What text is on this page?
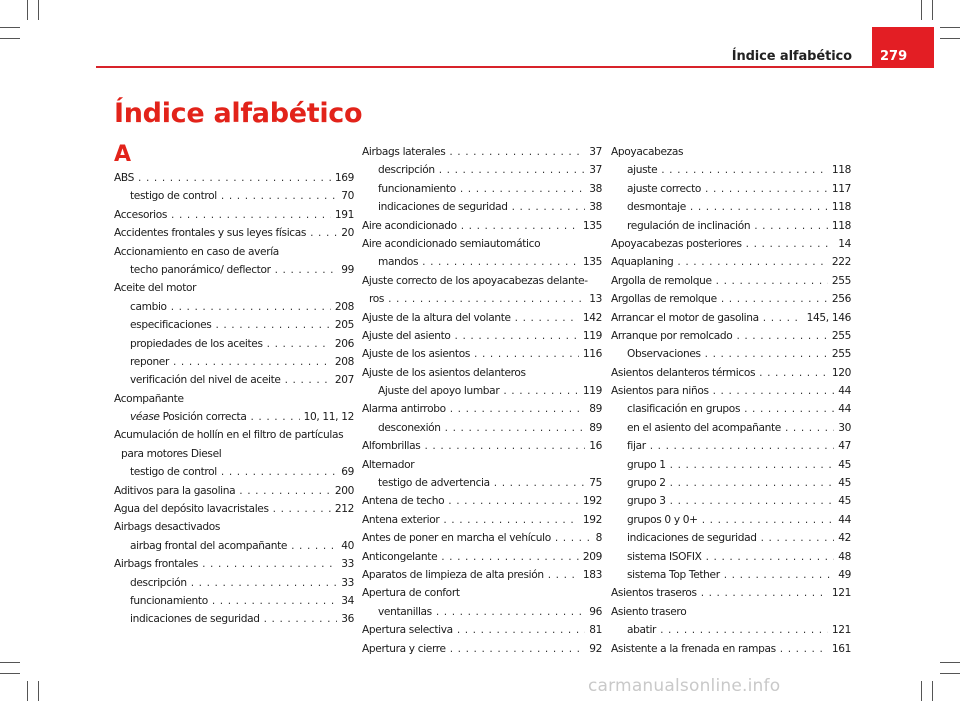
Índice alfabético 279
Índice alfabético
A
ABS . . .	169
testigo de control . . .	70
Accesorios . . .	191
Accidentes frontales y sus leyes físicas . . .	20
Accionamiento en caso de avería
techo panorámico/ deflector . . .	99
Aceite del motor
cambio . . .	208
especificaciones . . .	205
propiedades de los aceites . . .	206
reponer . . .	208
verificación del nivel de aceite . . .	207
Acompañante
véase Posición correcta . . .	10, 11, 12
Acumulación de hollín en el filtro de partículas
para motores Diesel
testigo de control . . .	69
Aditivos para la gasolina . . .	200
Agua del depósito lavacristales . . .	212
Airbags desactivados
airbag frontal del acompañante . . .	40
Airbags frontales . . .	33
descripción . . .	33
funcionamiento . . .	34
indicaciones de seguridad . . .	36
Airbags laterales . . .	37
descripción . . .	37
funcionamiento . . .	38
indicaciones de seguridad . . .	38
Aire acondicionado . . .	135
Aire acondicionado semiautomático
mandos . . .	135
Ajuste correcto de los apoyacabezas delante-
ros . . .	13
Ajuste de la altura del volante . . .	142
Ajuste del asiento . . .	119
Ajuste de los asientos . . .	116
Ajuste de los asientos delanteros
Ajuste del apoyo lumbar . . .	119
Alarma antirrobo . . .	89
desconexión . . .	89
Alfombrillas . . .	16
Alternador
testigo de advertencia . . .	75
Antena de techo . . .	192
Antena exterior . . .	192
Antes de poner en marcha el vehículo . . .	8
Anticongelante . . .	209
Aparatos de limpieza de alta presión . . .	183
Apertura de confort
ventanillas . . .	96
Apertura selectiva . . .	81
Apertura y cierre . . .	92
Apoyacabezas
ajuste . . .	118
ajuste correcto . . .	117
desmontaje . . .	118
regulación de inclinación . . .	118
Apoyacabezas posteriores . . .	14
Aquaplaning . . .	222
Argolla de remolque . . .	255
Argollas de remolque . . .	256
Arrancar el motor de gasolina . . .	145, 146
Arranque por remolcado . . .	255
Observaciones . . .	255
Asientos delanteros térmicos . . .	120
Asientos para niños . . .	44
clasificación en grupos . . .	44
en el asiento del acompañante . . .	30
fijar . . .	47
grupo 1 . . .	45
grupo 2 . . .	45
grupo 3 . . .	45
grupos 0 y 0+ . . .	44
indicaciones de seguridad . . .	42
sistema ISOFIX . . .	48
sistema Top Tether . . .	49
Asientos traseros . . .	121
Asiento trasero
abatir . . .	121
Asistente a la frenada en rampas . . .	161
carmanualsonline.info
